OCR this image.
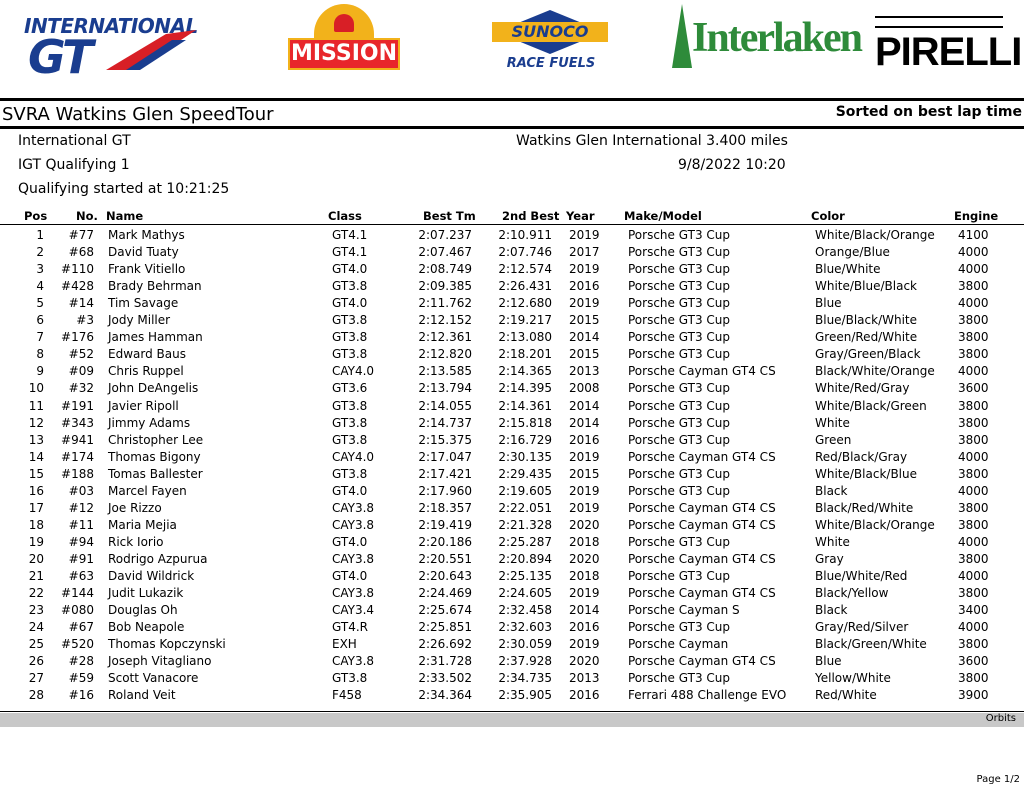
INTERNATIONAL
GT	MISSION
SUNOCO
RACE FUELS
Interlaken PIRELLI
SVRA Watkins Glen SpeedTour	Sorted on best lap time
International GT	Watkins Glen International 3.400 miles
IGT Qualifying 1	9/8/2022 10:20
Qualifying started at 10:21:25
Pos	No. Name	Class	Best Tm 2nd Best Year	Make/Model	Color	Engine
1	#77 Mark Mathys	GT4.1	2:07.237	2:10.911 2019 Porsche GT3 Cup	White/Black/Orange 4100
2	#68 David Tuaty	GT4.1	2:07.467	2:07.746 2017 Porsche GT3 Cup	Orange/Blue	4000
3	#110 Frank Vitiello	GT4.0	2:08.749	2:12.574 2019 Porsche GT3 Cup	Blue/White	4000
4	#428 Brady Behrman	GT3.8	2:09.385	2:26.431 2016 Porsche GT3 Cup	White/Blue/Black	3800
5	#14 Tim Savage	GT4.0	2:11.762	2:12.680 2019 Porsche GT3 Cup	Blue	4000
6	#3 Jody Miller	GT3.8	2:12.152	2:19.217 2015 Porsche GT3 Cup	Blue/Black/White	3800
7	#176 James Hamman	GT3.8	2:12.361	2:13.080 2014 Porsche GT3 Cup	Green/Red/White	3800
8	#52 Edward Baus	GT3.8	2:12.820	2:18.201 2015 Porsche GT3 Cup	Gray/Green/Black	3800
9	#09 Chris Ruppel	CAY4.0	2:13.585	2:14.365 2013 Porsche Cayman GT4 CS	Black/White/Orange 4000
10	#32 John DeAngelis	GT3.6	2:13.794	2:14.395 2008 Porsche GT3 Cup	White/Red/Gray	3600
11	#191 Javier Ripoll	GT3.8	2:14.055	2:14.361 2014 Porsche GT3 Cup	White/Black/Green	3800
12	#343 Jimmy Adams	GT3.8	2:14.737	2:15.818 2014 Porsche GT3 Cup	White	3800
13	#941 Christopher Lee	GT3.8	2:15.375	2:16.729 2016 Porsche GT3 Cup	Green	3800
14	#174 Thomas Bigony	CAY4.0	2:17.047	2:30.135 2019 Porsche Cayman GT4 CS	Red/Black/Gray	4000
15	#188 Tomas Ballester	GT3.8	2:17.421	2:29.435 2015 Porsche GT3 Cup	White/Black/Blue	3800
16	#03 Marcel Fayen	GT4.0	2:17.960	2:19.605 2019 Porsche GT3 Cup	Black	4000
17	#12 Joe Rizzo	CAY3.8	2:18.357	2:22.051 2019 Porsche Cayman GT4 CS	Black/Red/White	3800
18	#11 Maria Mejia	CAY3.8	2:19.419	2:21.328 2020 Porsche Cayman GT4 CS	White/Black/Orange 3800
19	#94 Rick Iorio	GT4.0	2:20.186	2:25.287 2018 Porsche GT3 Cup	White	4000
20	#91 Rodrigo Azpurua	CAY3.8	2:20.551	2:20.894 2020 Porsche Cayman GT4 CS	Gray	3800
21	#63 David Wildrick	GT4.0	2:20.643	2:25.135 2018 Porsche GT3 Cup	Blue/White/Red	4000
22	#144 Judit Lukazik	CAY3.8	2:24.469	2:24.605 2019 Porsche Cayman GT4 CS	Black/Yellow	3800
23	#080 Douglas Oh	CAY3.4	2:25.674	2:32.458 2014 Porsche Cayman S	Black	3400
24	#67 Bob Neapole	GT4.R	2:25.851	2:32.603 2016 Porsche GT3 Cup	Gray/Red/Silver	4000
25	#520 Thomas Kopczynski	EXH	2:26.692	2:30.059 2019 Porsche Cayman	Black/Green/White	3800
26	#28 Joseph Vitagliano	CAY3.8	2:31.728	2:37.928 2020 Porsche Cayman GT4 CS	Blue	3600
27	#59 Scott Vanacore	GT3.8	2:33.502	2:34.735 2013 Porsche GT3 Cup	Yellow/White	3800
28	#16 Roland Veit	F458	2:34.364	2:35.905 2016 Ferrari 488 Challenge EVO Red/White	3900
Orbits
Page 1/2
